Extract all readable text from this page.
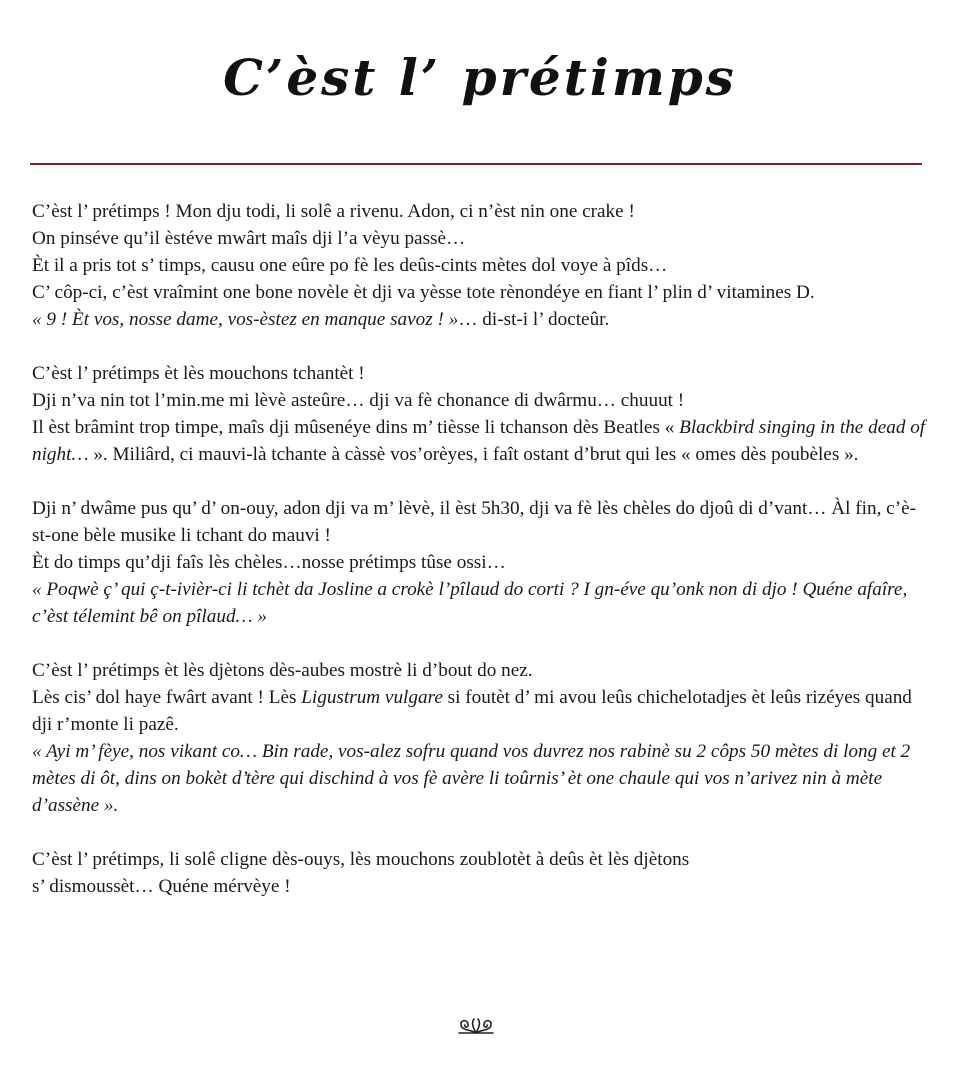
C’èst l’ prétimps
C’èst l’ prétimps ! Mon dju todi, li solê a rivenu. Adon, ci n’èst nin one crake !
On pinséve qu’il èstéve mwârt maîs dji l’a vèyu passè…
Èt il a pris tot s’ timps, causu one eûre po fè les deûs-cints mètes dol voye à pîds…
C’ côp-ci, c’èst vraîmint one bone novèle èt dji va yèsse tote rènondéye en fiant l’ plin d’ vitamines D.
« 9 ! Èt vos, nosse dame, vos-èstez en manque savoz ! »… di-st-i l’ docteûr.
C’èst l’ prétimps èt lès mouchons tchantèt !
Dji n’va nin tot l’min.me mi lèvè asteûre… dji va fè chonance di dwârmu… chuuut !
Il èst brâmint trop timpe, maîs dji mûsenéye dins m’ tièsse li tchanson dès Beatles « Blackbird singing in the dead of night… ». Miliârd, ci mauvi-là tchante à càssè vos’orèyes, i faît ostant d’brut qui les « omes dès poubèles ».
Dji n’ dwâme pus qu’ d’ on-ouy, adon dji va m’ lèvè, il èst 5h30, dji va fè lès chèles do djoû di d’vant… Àl fin, c’è-st-one bèle musike li tchant do mauvi !
Èt do timps qu’dji faîs lès chèles…nosse prétimps tûse ossi…
« Poqwè ç’ qui ç-t-ivièr-ci li tchèt da Josline a crokè l’pîlaud do corti ? I gn-éve qu’onk non di djo ! Quéne afaîre, c’èst télemint bê on pîlaud… »
C’èst l’ prétimps èt lès djètons dès-aubes mostrè li d’bout do nez.
Lès cis’ dol haye fwârt avant ! Lès Ligustrum vulgare si foutèt d’ mi avou leûs chichelotadjes èt leûs rizéyes quand dji r’monte li pazê.
« Ayi m’ fèye, nos vikant co… Bin rade, vos-alez sofru quand vos duvrez nos rabinè su 2 côps 50 mètes di long et 2 mètes di ôt, dins on bokèt d’tère qui dischind à vos fè avère li toûrnis’ èt one chaule qui vos n’arivez nin à mète d’assène ».
C’èst l’ prétimps, li solê cligne dès-ouys, lès mouchons zoublotèt à deûs èt lès djètons
s’ dismoussèt… Quéne mérvèye !
